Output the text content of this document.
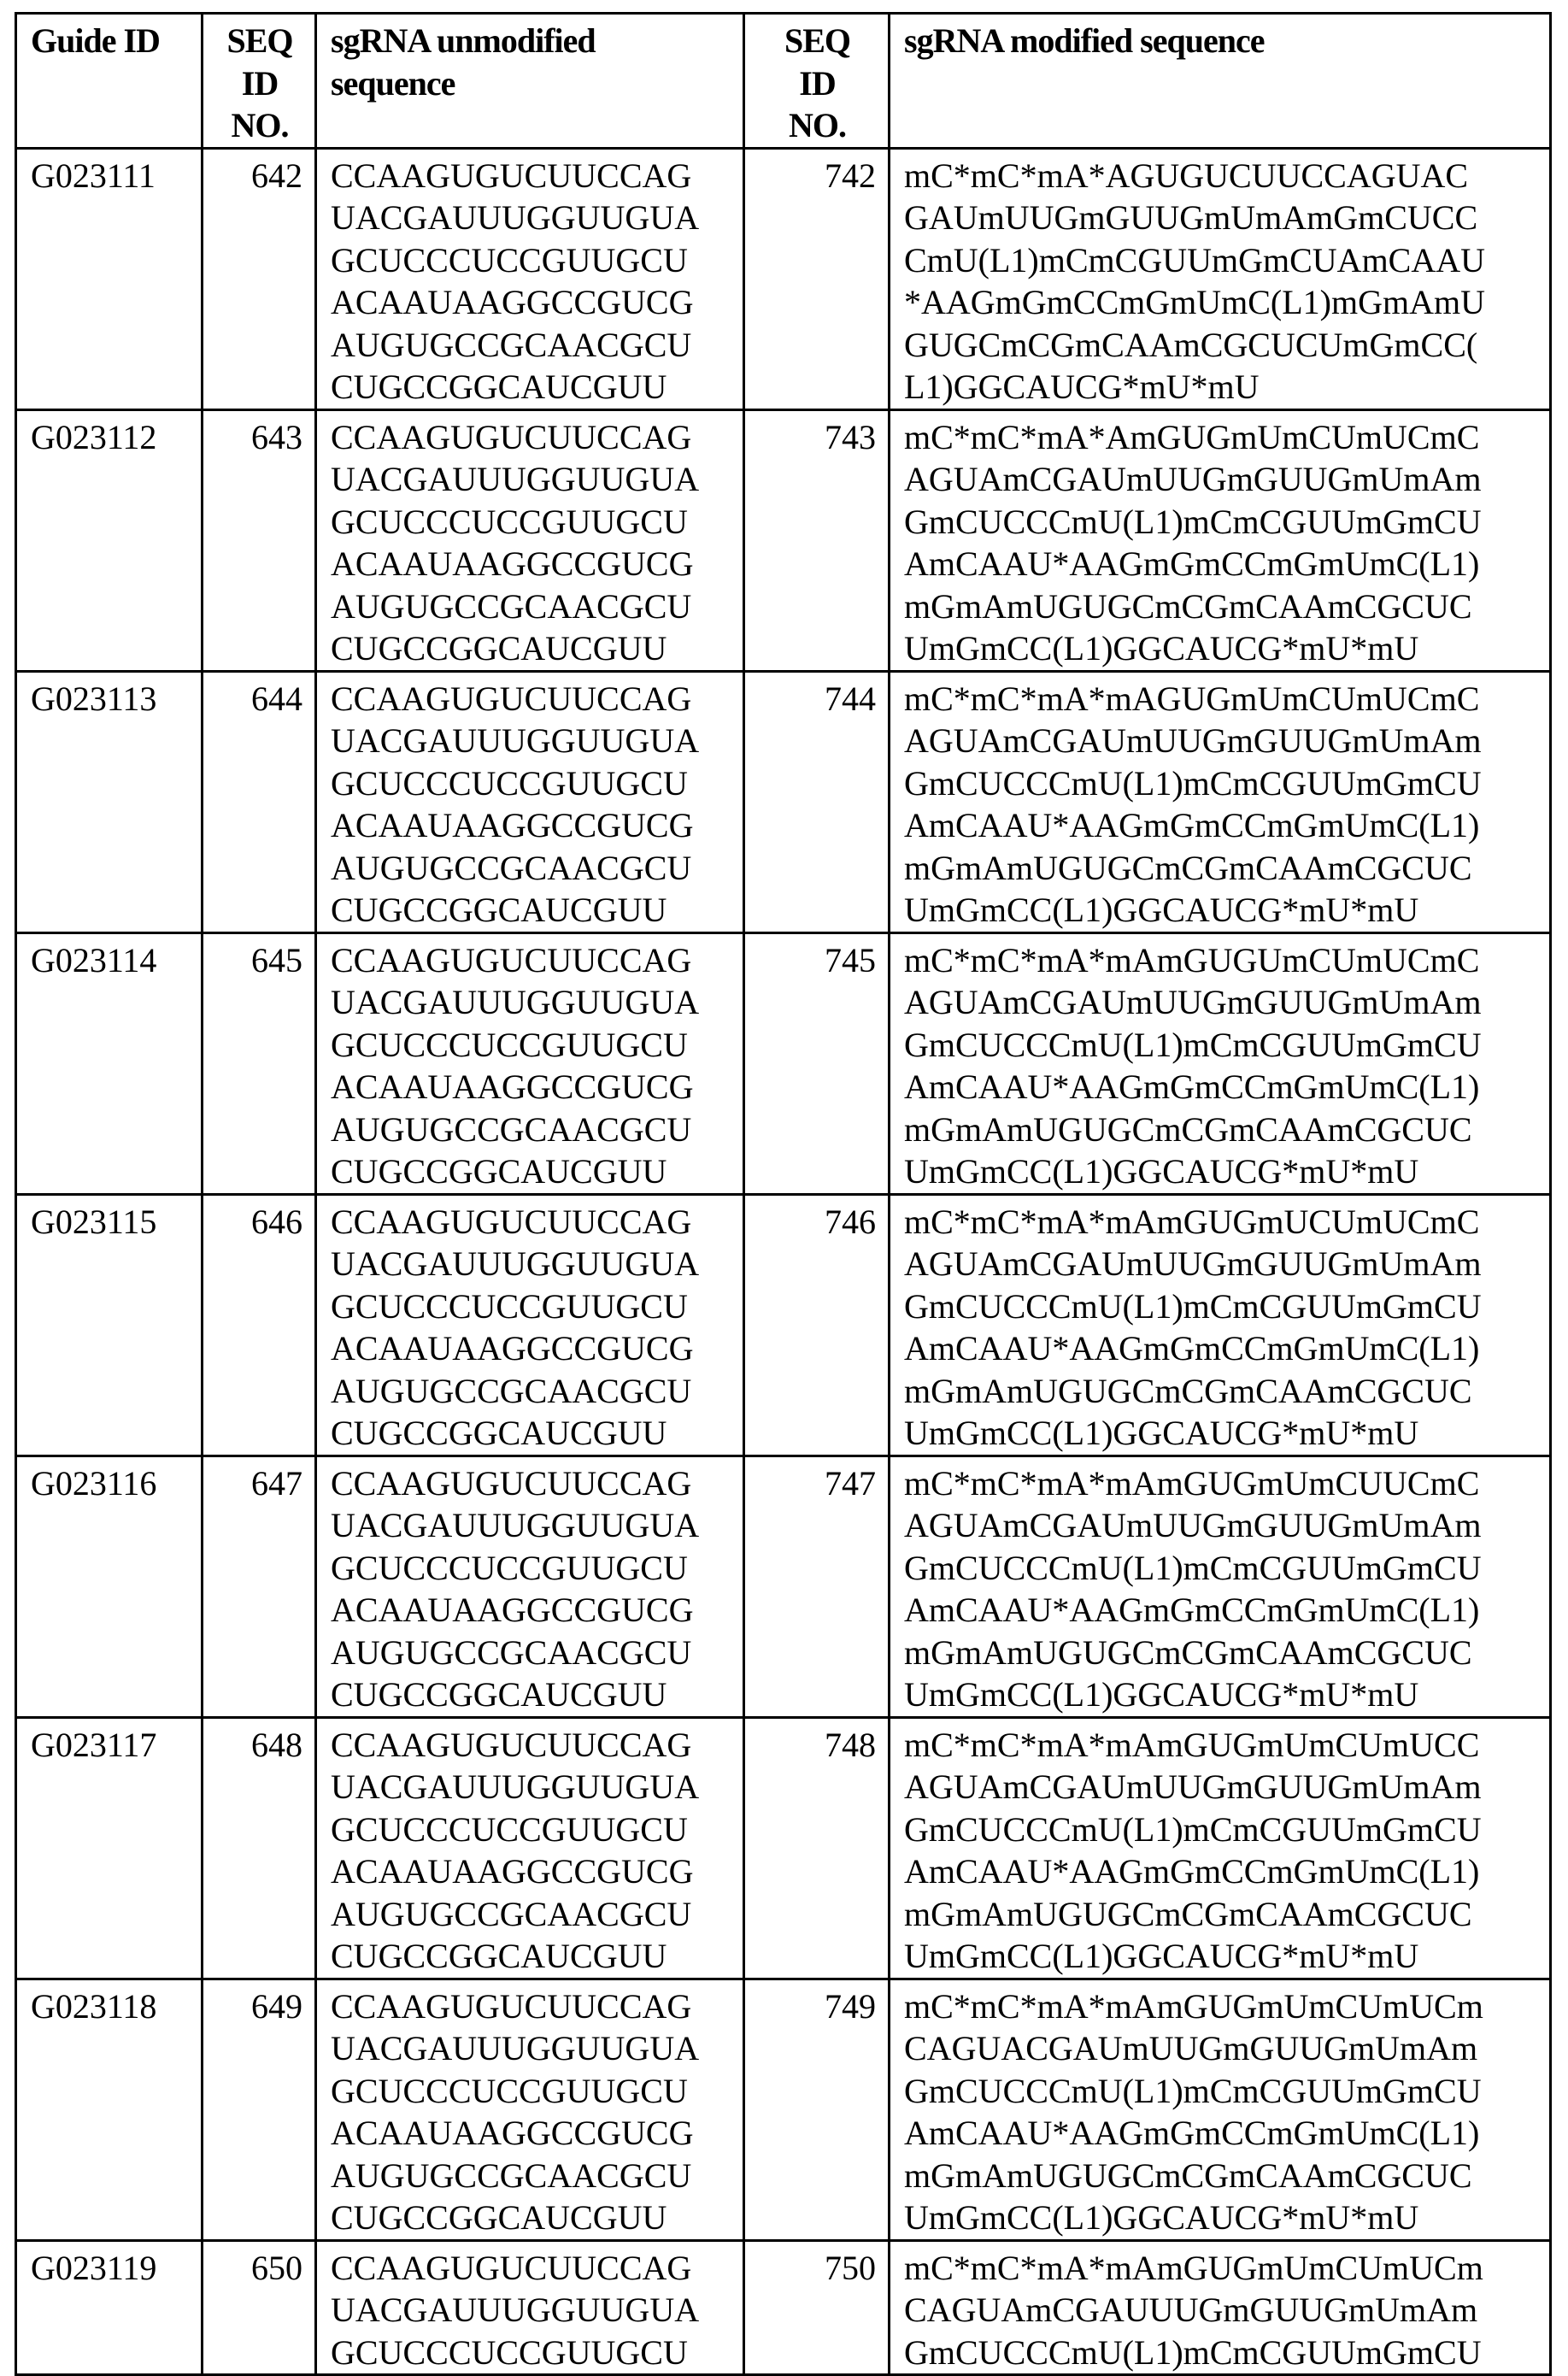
Guide ID	SEQ
ID
NO.
	sgRNA unmodified sequence	
SEQ
ID
NO.
	sgRNA modified sequence
G023111	642	CCAAGUGUCUUCCAG
UACGAUUUGGUUGUA
GCUCCCUCCGUUGCU
ACAAUAAGGCCGUCG
AUGUGCCGCAACGCU
CUGCCGGCAUCGUU
	742	mC*mC*mA*AGUGUCUUCCAGUAC
GAUmUUGmGUUGmUmAmGmCUCC
CmU(L1)mCmCGUUmGmCUAmCAAU
*AAGmGmCCmGmUmC(L1)mGmAmU
GUGCmCGmCAAmCGCUCUmGmCC(
L1)GGCAUCG*mU*mU

G023112	643	CCAAGUGUCUUCCAG
UACGAUUUGGUUGUA
GCUCCCUCCGUUGCU
ACAAUAAGGCCGUCG
AUGUGCCGCAACGCU
CUGCCGGCAUCGUU
	743	mC*mC*mA*AmGUGmUmCUmUCmC
AGUAmCGAUmUUGmGUUGmUmAm
GmCUCCCmU(L1)mCmCGUUmGmCU
AmCAAU*AAGmGmCCmGmUmC(L1)
mGmAmUGUGCmCGmCAAmCGCUC
UmGmCC(L1)GGCAUCG*mU*mU

G023113	644	CCAAGUGUCUUCCAG
UACGAUUUGGUUGUA
GCUCCCUCCGUUGCU
ACAAUAAGGCCGUCG
AUGUGCCGCAACGCU
CUGCCGGCAUCGUU
	744	mC*mC*mA*mAGUGmUmCUmUCmC
AGUAmCGAUmUUGmGUUGmUmAm
GmCUCCCmU(L1)mCmCGUUmGmCU
AmCAAU*AAGmGmCCmGmUmC(L1)
mGmAmUGUGCmCGmCAAmCGCUC
UmGmCC(L1)GGCAUCG*mU*mU

G023114	645	CCAAGUGUCUUCCAG
UACGAUUUGGUUGUA
GCUCCCUCCGUUGCU
ACAAUAAGGCCGUCG
AUGUGCCGCAACGCU
CUGCCGGCAUCGUU
	745	mC*mC*mA*mAmGUGUmCUmUCmC
AGUAmCGAUmUUGmGUUGmUmAm
GmCUCCCmU(L1)mCmCGUUmGmCU
AmCAAU*AAGmGmCCmGmUmC(L1)
mGmAmUGUGCmCGmCAAmCGCUC
UmGmCC(L1)GGCAUCG*mU*mU

G023115	646	CCAAGUGUCUUCCAG
UACGAUUUGGUUGUA
GCUCCCUCCGUUGCU
ACAAUAAGGCCGUCG
AUGUGCCGCAACGCU
CUGCCGGCAUCGUU
	746	mC*mC*mA*mAmGUGmUCUmUCmC
AGUAmCGAUmUUGmGUUGmUmAm
GmCUCCCmU(L1)mCmCGUUmGmCU
AmCAAU*AAGmGmCCmGmUmC(L1)
mGmAmUGUGCmCGmCAAmCGCUC
UmGmCC(L1)GGCAUCG*mU*mU

G023116	647	CCAAGUGUCUUCCAG
UACGAUUUGGUUGUA
GCUCCCUCCGUUGCU
ACAAUAAGGCCGUCG
AUGUGCCGCAACGCU
CUGCCGGCAUCGUU
	747	mC*mC*mA*mAmGUGmUmCUUCmC
AGUAmCGAUmUUGmGUUGmUmAm
GmCUCCCmU(L1)mCmCGUUmGmCU
AmCAAU*AAGmGmCCmGmUmC(L1)
mGmAmUGUGCmCGmCAAmCGCUC
UmGmCC(L1)GGCAUCG*mU*mU

G023117	648	CCAAGUGUCUUCCAG
UACGAUUUGGUUGUA
GCUCCCUCCGUUGCU
ACAAUAAGGCCGUCG
AUGUGCCGCAACGCU
CUGCCGGCAUCGUU
	748	mC*mC*mA*mAmGUGmUmCUmUCC
AGUAmCGAUmUUGmGUUGmUmAm
GmCUCCCmU(L1)mCmCGUUmGmCU
AmCAAU*AAGmGmCCmGmUmC(L1)
mGmAmUGUGCmCGmCAAmCGCUC
UmGmCC(L1)GGCAUCG*mU*mU

G023118	649	CCAAGUGUCUUCCAG
UACGAUUUGGUUGUA
GCUCCCUCCGUUGCU
ACAAUAAGGCCGUCG
AUGUGCCGCAACGCU
CUGCCGGCAUCGUU
	749	mC*mC*mA*mAmGUGmUmCUmUCm
CAGUACGAUmUUGmGUUGmUmAm
GmCUCCCmU(L1)mCmCGUUmGmCU
AmCAAU*AAGmGmCCmGmUmC(L1)
mGmAmUGUGCmCGmCAAmCGCUC
UmGmCC(L1)GGCAUCG*mU*mU

G023119	650	CCAAGUGUCUUCCAG
UACGAUUUGGUUGUA
GCUCCCUCCGUUGCU
	750	mC*mC*mA*mAmGUGmUmCUmUCm
CAGUAmCGAUUUGmGUUGmUmAm
GmCUCCCmU(L1)mCmCGUUmGmCU
